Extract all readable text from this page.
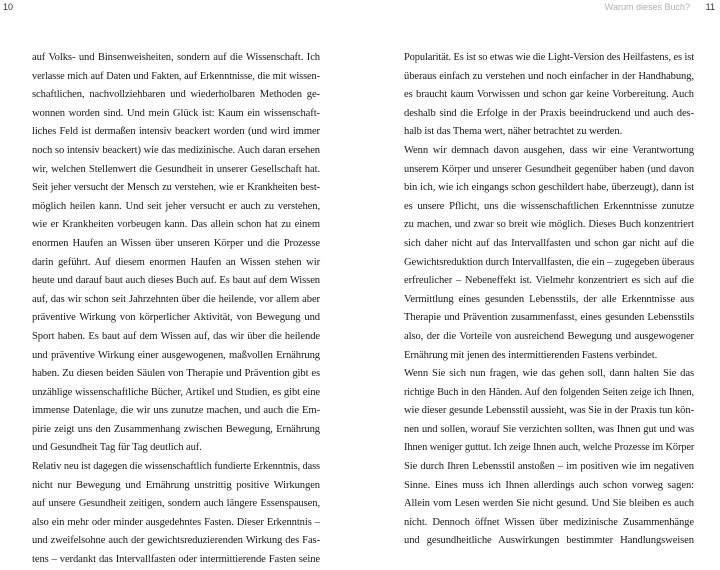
10
auf Volks- und Binsenweisheiten, sondern auf die Wissenschaft. Ich
verlasse mich auf Daten und Fakten, auf Erkenntnisse, die mit wissen-
schaftlichen, nachvollziehbaren und wiederholbaren Methoden ge-
wonnen worden sind. Und mein Glück ist: Kaum ein wissenschaft-
liches Feld ist dermaßen intensiv beackert worden (und wird immer
noch so intensiv beackert) wie das medizinische. Auch daran ersehen
wir, welchen Stellenwert die Gesundheit in unserer Gesellschaft hat.
Seit jeher versucht der Mensch zu verstehen, wie er Krankheiten best-
möglich heilen kann. Und seit jeher versucht er auch zu verstehen,
wie er Krankheiten vorbeugen kann. Das allein schon hat zu einem
enormen Haufen an Wissen über unseren Körper und die Prozesse
darin geführt. Auf diesem enormen Haufen an Wissen stehen wir
heute und darauf baut auch dieses Buch auf. Es baut auf dem Wissen
auf, das wir schon seit Jahrzehnten über die heilende, vor allem aber
präventive Wirkung von körperlicher Aktivität, von Bewegung und
Sport haben. Es baut auf dem Wissen auf, das wir über die heilende
und präventive Wirkung einer ausgewogenen, maßvollen Ernährung
haben. Zu diesen beiden Säulen von Therapie und Prävention gibt es
unzählige wissenschaftliche Bücher, Artikel und Studien, es gibt eine
immense Datenlage, die wir uns zunutze machen, und auch die Em-
pirie zeigt uns den Zusammenhang zwischen Bewegung, Ernährung
und Gesundheit Tag für Tag deutlich auf.
Relativ neu ist dagegen die wissenschaftlich fundierte Erkenntnis, dass
nicht nur Bewegung und Ernährung unstrittig positive Wirkungen
auf unsere Gesundheit zeitigen, sondern auch längere Essenspausen,
also ein mehr oder minder ausgedehntes Fasten. Dieser Erkenntnis –
und zweifelsohne auch der gewichtsreduzierenden Wirkung des Fas-
tens – verdankt das Intervallfasten oder intermittierende Fasten seine
Warum dieses Buch? 11
Popularität. Es ist so etwas wie die Light-Version des Heilfastens, es ist
überaus einfach zu verstehen und noch einfacher in der Handhabung,
es braucht kaum Vorwissen und schon gar keine Vorbereitung. Auch
deshalb sind die Erfolge in der Praxis beeindruckend und auch des-
halb ist das Thema wert, näher betrachtet zu werden.
Wenn wir demnach davon ausgehen, dass wir eine Verantwortung
unserem Körper und unserer Gesundheit gegenüber haben (und davon
bin ich, wie ich eingangs schon geschildert habe, überzeugt), dann ist
es unsere Pflicht, uns die wissenschaftlichen Erkenntnisse zunutze
zu machen, und zwar so breit wie möglich. Dieses Buch konzentriert
sich daher nicht auf das Intervallfasten und schon gar nicht auf die
Gewichtsreduktion durch Intervallfasten, die ein – zugegeben überaus
erfreulicher – Nebeneffekt ist. Vielmehr konzentriert es sich auf die
Vermittlung eines gesunden Lebensstils, der alle Erkenntnisse aus
Therapie und Prävention zusammenfasst, eines gesunden Lebensstils
also, der die Vorteile von ausreichend Bewegung und ausgewogener
Ernährung mit jenen des intermittierenden Fastens verbindet.
Wenn Sie sich nun fragen, wie das gehen soll, dann halten Sie das
richtige Buch in den Händen. Auf den folgenden Seiten zeige ich Ihnen,
wie dieser gesunde Lebensstil aussieht, was Sie in der Praxis tun kön-
nen und sollen, worauf Sie verzichten sollten, was Ihnen gut und was
Ihnen weniger guttut. Ich zeige Ihnen auch, welche Prozesse im Körper
Sie durch Ihren Lebensstil anstoßen – im positiven wie im negativen
Sinne. Eines muss ich Ihnen allerdings auch schon vorweg sagen:
Allein vom Lesen werden Sie nicht gesund. Und Sie bleiben es auch
nicht. Dennoch öffnet Wissen über medizinische Zusammenhänge
und gesundheitliche Auswirkungen bestimmter Handlungsweisen
